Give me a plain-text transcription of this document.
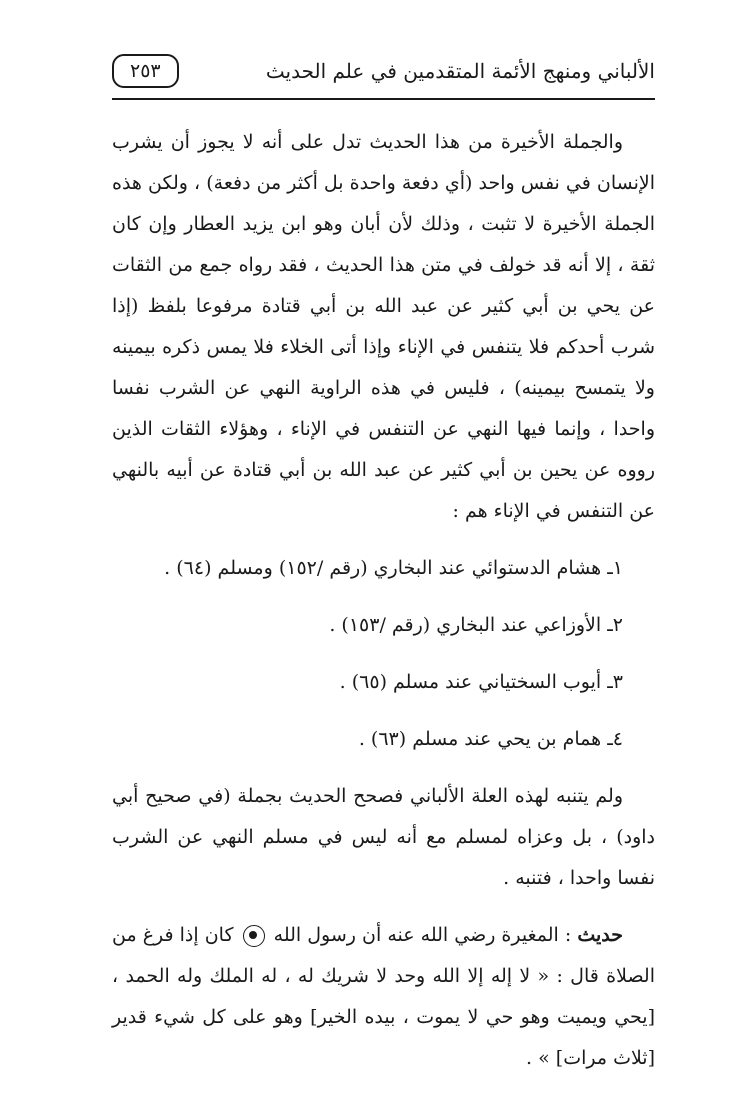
الألباني ومنهج الأئمة المتقدمين في علم الحديث
٢٥٣

والجملة الأخيرة من هذا الحديث تدل على أنه لا يجوز أن يشرب الإنسان في نفس واحد (أي دفعة واحدة بل أكثر من دفعة) ، ولكن هذه الجملة الأخيرة لا تثبت ، وذلك لأن أبان وهو ابن يزيد العطار وإن كان ثقة ، إلا أنه قد خولف في متن هذا الحديث ، فقد رواه جمع من الثقات عن يحي بن أبي كثير عن عبد الله بن أبي قتادة مرفوعا بلفظ (إذا شرب أحدكم فلا يتنفس في الإناء وإذا أتى الخلاء فلا يمس ذكره بيمينه ولا يتمسح بيمينه) ، فليس في هذه الراوية النهي عن الشرب نفسا واحدا ، وإنما فيها النهي عن التنفس في الإناء ، وهؤلاء الثقات الذين رووه عن يحين بن أبي كثير عن عبد الله بن أبي قتادة عن أبيه بالنهي عن التنفس في الإناء هم :

١ـ هشام الدستوائي عند البخاري (رقم /١٥٢) ومسلم (٦٤) .

٢ـ الأوزاعي عند البخاري (رقم /١٥٣) .

٣ـ أيوب السختياني عند مسلم (٦٥) .

٤ـ همام بن يحي عند مسلم (٦٣) .

ولم يتنبه لهذه العلة الألباني فصحح الحديث بجملة (في صحيح أبي داود) ، بل وعزاه لمسلم مع أنه ليس في مسلم النهي عن الشرب نفسا واحدا ، فتنبه .

حديث : المغيرة رضي الله عنه أن رسول الله  كان إذا فرغ من الصلاة قال : « لا إله إلا الله وحد لا شريك له ، له الملك وله الحمد ، [يحي ويميت وهو حي لا يموت ، بيده الخير] وهو على كل شيء قدير [ثلاث مرات] » .
